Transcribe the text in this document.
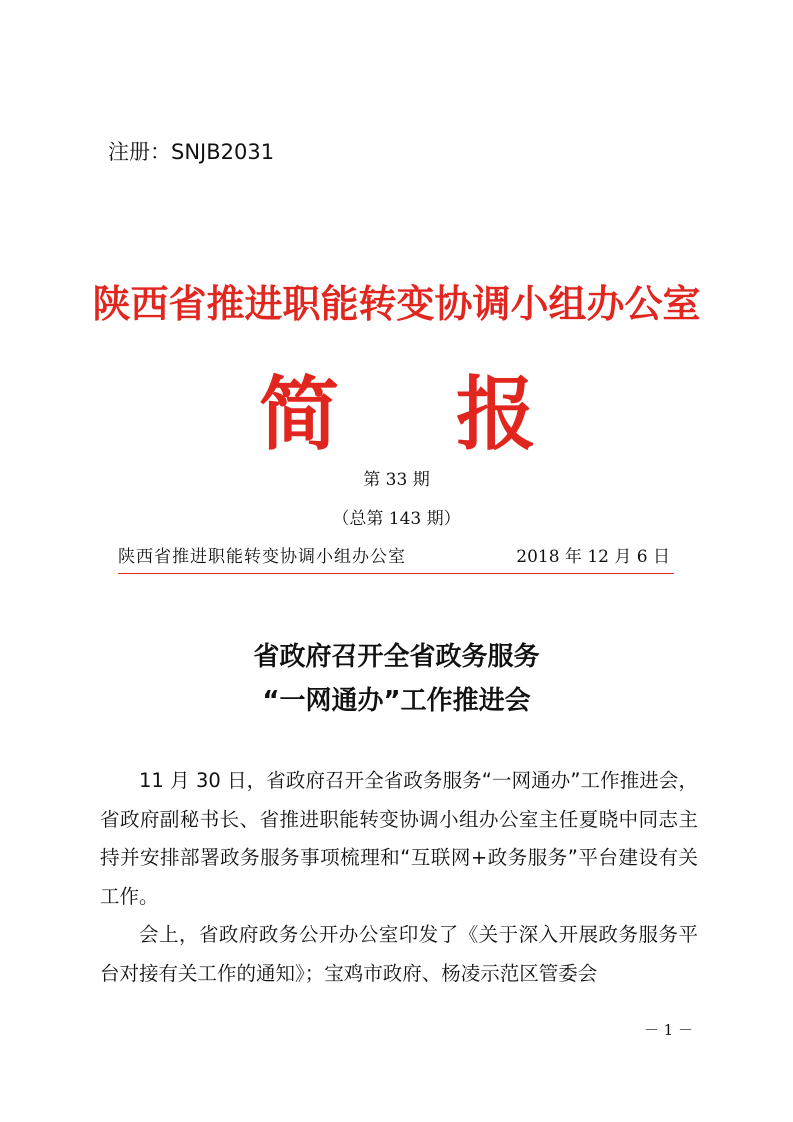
注册：SNJB2031
陕西省推进职能转变协调小组办公室
简 报
第 33 期
（总第 143 期）
陕西省推进职能转变协调小组办公室	2018 年 12 月 6 日
省政府召开全省政务服务
“一网通办”工作推进会

11 月 30 日，省政府召开全省政务服务“一网通办”工作推进会，省政府副秘书长、省推进职能转变协调小组办公室主任夏晓中同志主持并安排部署政务服务事项梳理和“互联网+政务服务”平台建设有关工作。

会上，省政府政务公开办公室印发了《关于深入开展政务服务平台对接有关工作的通知》；宝鸡市政府、杨凌示范区管委会

－ 1 －
